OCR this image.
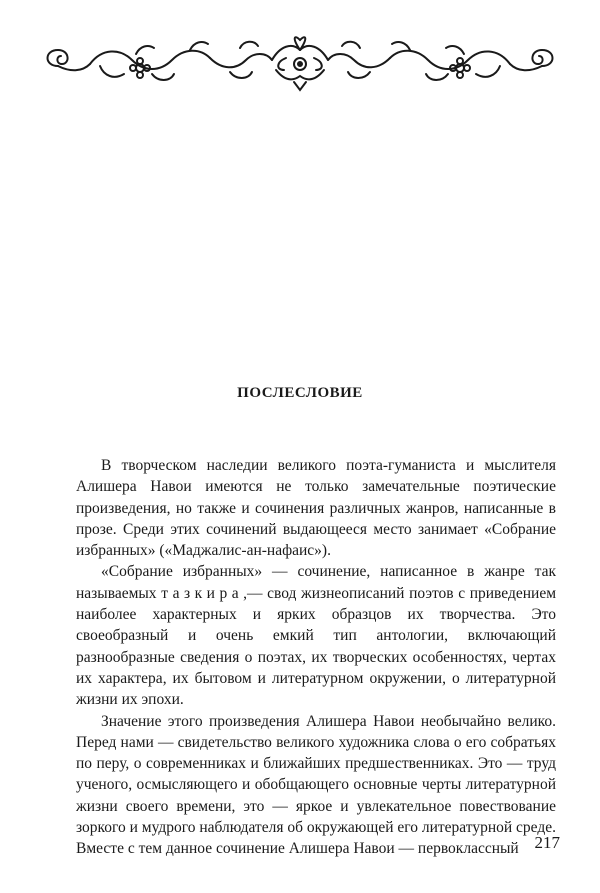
ПОСЛЕСЛОВИЕ

В творческом наследии великого поэта-гуманиста и мыслителя Алишера Навои имеются не только замечательные поэтические произведения, но также и сочинения различных жанров, написанные в прозе. Среди этих сочинений выдающееся место занимает «Собрание избранных» («Маджалис-ан-нафаис»).

«Собрание избранных» — сочинение, написанное в жанре так называемых тазкира,— свод жизнеописаний поэтов с приведением наиболее характерных и ярких образцов их творчества. Это своеобразный и очень емкий тип антологии, включающий разнообразные сведения о поэтах, их творческих особенностях, чертах их характера, их бытовом и литературном окружении, о литературной жизни их эпохи.

Значение этого произведения Алишера Навои необычайно велико. Перед нами — свидетельство великого художника слова о его собратьях по перу, о современниках и ближайших предшественниках. Это — труд ученого, осмысляющего и обобщающего основные черты литературной жизни своего времени, это — яркое и увлекательное повествование зоркого и мудрого наблюдателя об окружающей его литературной среде. Вместе с тем данное сочинение Алишера Навои — первоклассный 217
